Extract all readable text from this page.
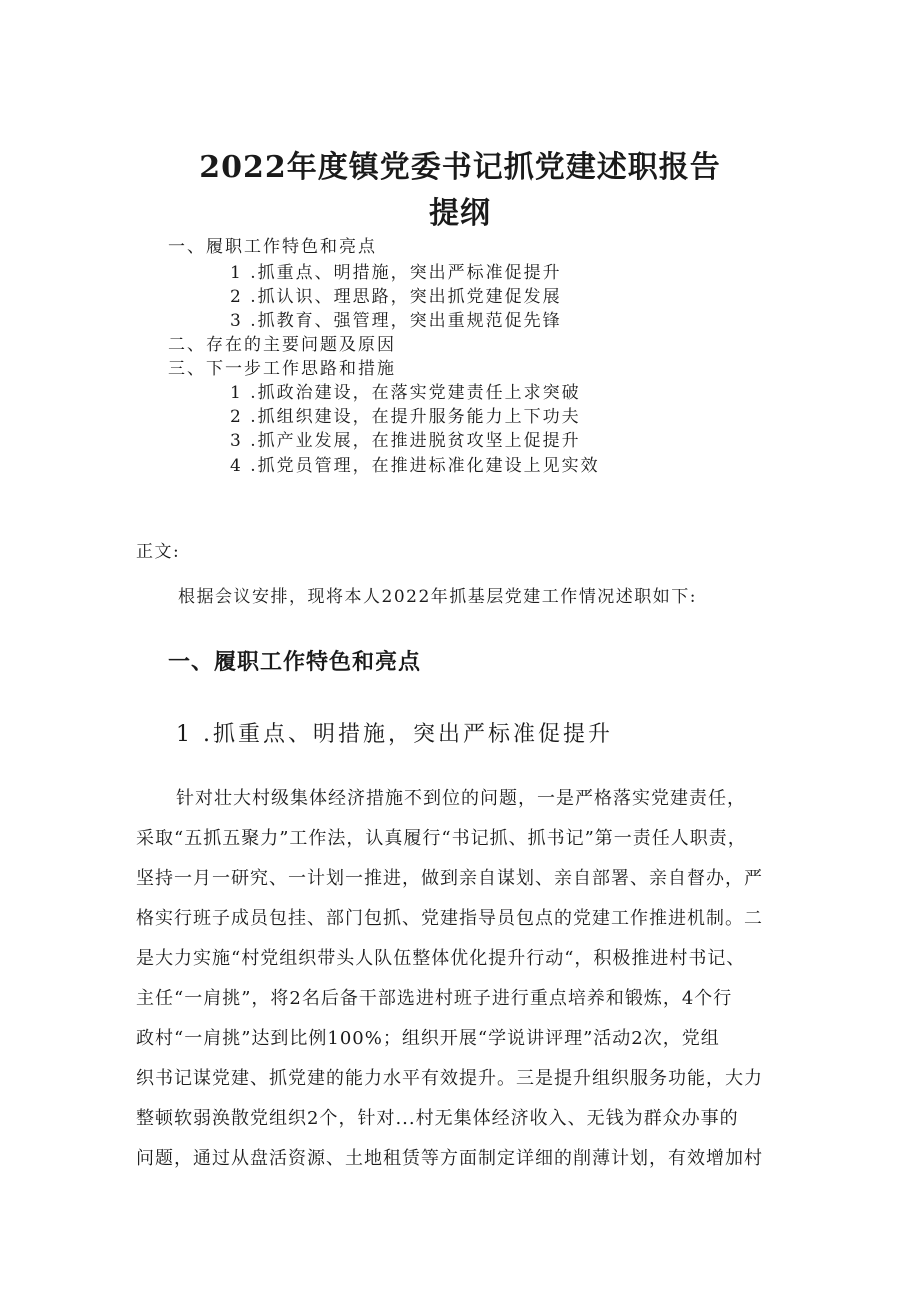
2022年度镇党委书记抓党建述职报告
提纲
一、履职工作特色和亮点
1 .抓重点、明措施，突出严标准促提升
2 .抓认识、理思路，突出抓党建促发展
3 .抓教育、强管理，突出重规范促先锋
二、存在的主要问题及原因
三、下一步工作思路和措施
1 .抓政治建设，在落实党建责任上求突破
2 .抓组织建设，在提升服务能力上下功夫
3 .抓产业发展，在推进脱贫攻坚上促提升
4 .抓党员管理，在推进标准化建设上见实效
正文:
根据会议安排，现将本人2022年抓基层党建工作情况述职如下:
一、履职工作特色和亮点
1 .抓重点、明措施，突出严标准促提升
针对壮大村级集体经济措施不到位的问题，一是严格落实党建责任，
采取“五抓五聚力”工作法，认真履行“书记抓、抓书记”第一责任人职责，
坚持一月一研究、一计划一推进，做到亲自谋划、亲自部署、亲自督办，严
格实行班子成员包挂、部门包抓、党建指导员包点的党建工作推进机制。二
是大力实施“村党组织带头人队伍整体优化提升行动“，积极推进村书记、
主任“一肩挑”，将2名后备干部选进村班子进行重点培养和锻炼，4个行
政村“一肩挑”达到比例100%；组织开展“学说讲评理”活动2次，党组
织书记谋党建、抓党建的能力水平有效提升。三是提升组织服务功能，大力
整顿软弱涣散党组织2个，针对...村无集体经济收入、无钱为群众办事的
问题，通过从盘活资源、土地租赁等方面制定详细的削薄计划，有效增加村
